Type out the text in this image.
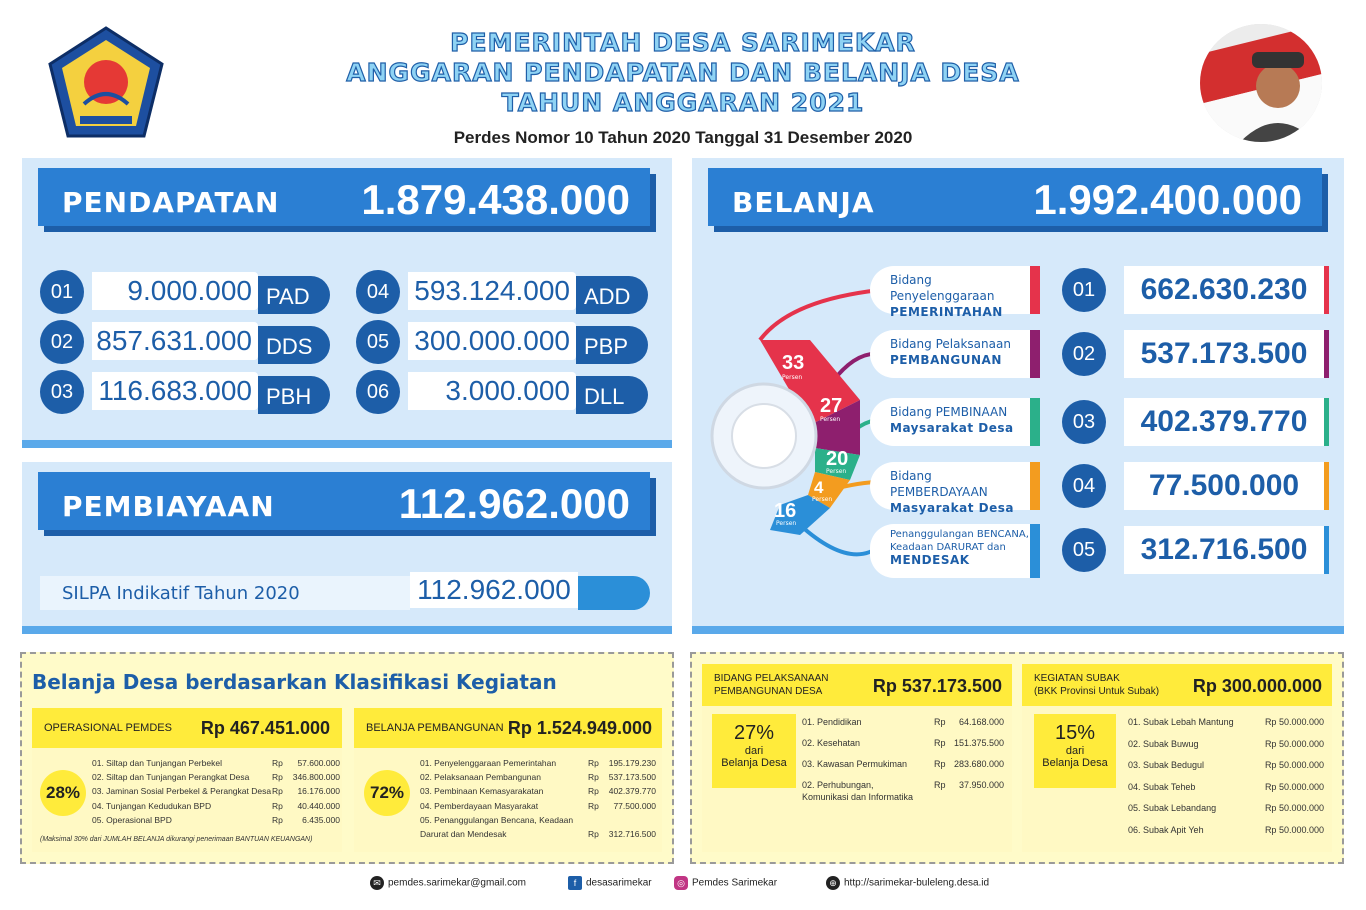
PEMERINTAH DESA SARIMEKAR
ANGGARAN PENDAPATAN DAN BELANJA DESA
TAHUN ANGGARAN 2021
Perdes Nomor 10 Tahun 2020 Tanggal 31 Desember 2020
PENDAPATAN 1.879.438.000
01	9.000.000 PAD
02 857.631.000 DDS
03 116.683.000 PBH
04 593.124.000 ADD
05 300.000.000 PBP
06	3.000.000 DLL
PEMBIAYAAN	112.962.000
SILPA Indikatif Tahun 2020	112.962.000
BELANJA	1.992.400.000
33
Persen
27
Persen
20
Persen
4
Persen
16
Persen
Bidang Penyelenggaraan
PEMERINTAHAN
01	662.630.230
Bidang Pelaksanaan
PEMBANGUNAN	02	537.173.500
Bidang PEMBINAAN
Maysarakat Desa	03	402.379.770
Bidang PEMBERDAYAAN
Masyarakat Desa
04	77.500.000
Penanggulangan BENCANA,
Keadaan DARURAT dan
MENDESAK	05	312.716.500
Belanja Desa berdasarkan Klasifikasi Kegiatan
OPERASIONAL PEMDES Rp 467.451.000
28%
01. Siltap dan Tunjangan Perbekel	Rp	57.600.000
02. Siltap dan Tunjangan Perangkat Desa	Rp	346.800.000
03. Jaminan Sosial Perbekel & Perangkat Desa Rp	16.176.000
04. Tunjangan Kedudukan BPD	Rp	40.440.000
05. Operasional BPD	Rp	6.435.000
(Maksimal 30% dari JUMLAH BELANJA dikurangi penerimaan BANTUAN KEUANGAN)
BELANJA PEMBANGUNAN Rp 1.524.949.000
72%
01. Penyelenggaraan Pemerintahan	Rp	195.179.230
02. Pelaksanaan Pembangunan	Rp	537.173.500
03. Pembinaan Kemasyarakatan	Rp	402.379.770
04. Pemberdayaan Masyarakat	Rp	77.500.000
05. Penanggulangan Bencana, Keadaan Darurat dan Mendesak	Rp	312.716.500
BIDANG PELAKSANAAN
PEMBANGUNAN DESA	Rp 537.173.500
27%
dari
Belanja Desa
01. Pendidikan	Rp	64.168.000
02. Kesehatan	Rp 151.375.500
03. Kawasan Permukiman	Rp 283.680.000
02. Perhubungan, Komunikasi dan Informatika
Rp	37.950.000
KEGIATAN SUBAK
(BKK Provinsi Untuk Subak) Rp 300.000.000
15%
dari
Belanja Desa
01. Subak Lebah Mantung	Rp 50.000.000
02. Subak Buwug	Rp 50.000.000
03. Subak Bedugul	Rp 50.000.000
04. Subak Teheb	Rp 50.000.000
05. Subak Lebandang	Rp 50.000.000
06. Subak Apit Yeh	Rp 50.000.000
✉ pemdes.sarimekar@gmail.com	f desasarimekar	◎ Pemdes Sarimekar	⊕ http://sarimekar-buleleng.desa.id
